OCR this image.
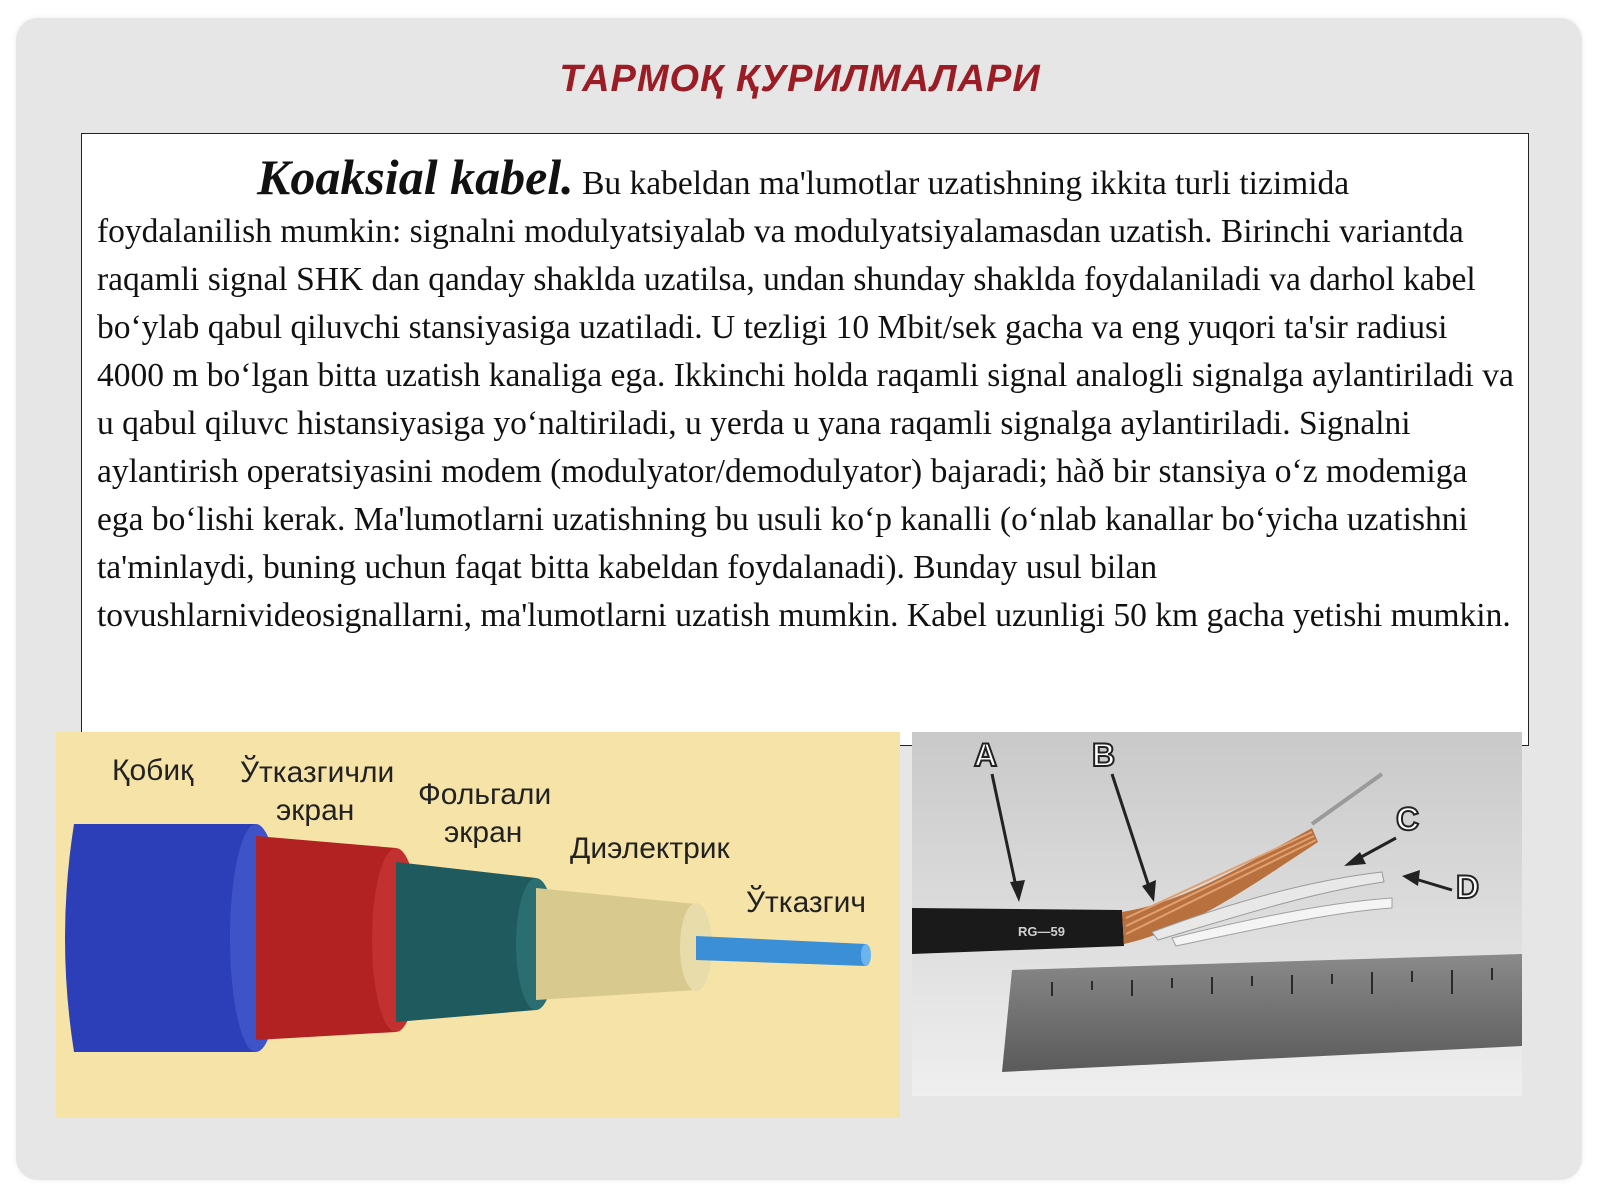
ТАРМОҚ ҚУРИЛМАЛАРИ
Koaksial kabel. Bu kabeldan ma'lumotlar uzatishning ikkita turli tizimida foydalanilish mumkin: signalni modulyatsiyalab va modulyatsiyalamasdan uzatish. Birinchi variantda raqamli signal SHK dan qanday shaklda uzatilsa, undan shunday shaklda foydalaniladi va darhol kabel bo‘ylab qabul qiluvchi stansiyasiga uzatiladi. U tezligi 10 Mbit/sek gacha va eng yuqori ta'sir radiusi 4000 m bo‘lgan bitta uzatish kanaliga ega. Ikkinchi holda raqamli signal analogli signalga aylantiriladi va u qabul qiluvc histansiyasiga yo‘naltiriladi, u yerda u yana raqamli signalga aylantiriladi. Signalni aylantirish operatsiyasini modem (modulyator/demodulyator) bajaradi; hàð bir stansiya o‘z modemiga ega bo‘lishi kerak. Ma'lumotlarni uzatishning bu usuli ko‘p kanalli (o‘nlab kanallar bo‘yicha uzatishni ta'minlaydi, buning uchun faqat bitta kabeldan foydalanadi). Bunday usul bilan tovushlarnivideosignallarni, ma'lumotlarni uzatish mumkin. Kabel uzunligi 50 km gacha yetishi mumkin.
Қобиқ Ўтказгичли
экран Фольгали
экран Диэлектрик
Ўтказгич
RG—59
A	B
C
D
